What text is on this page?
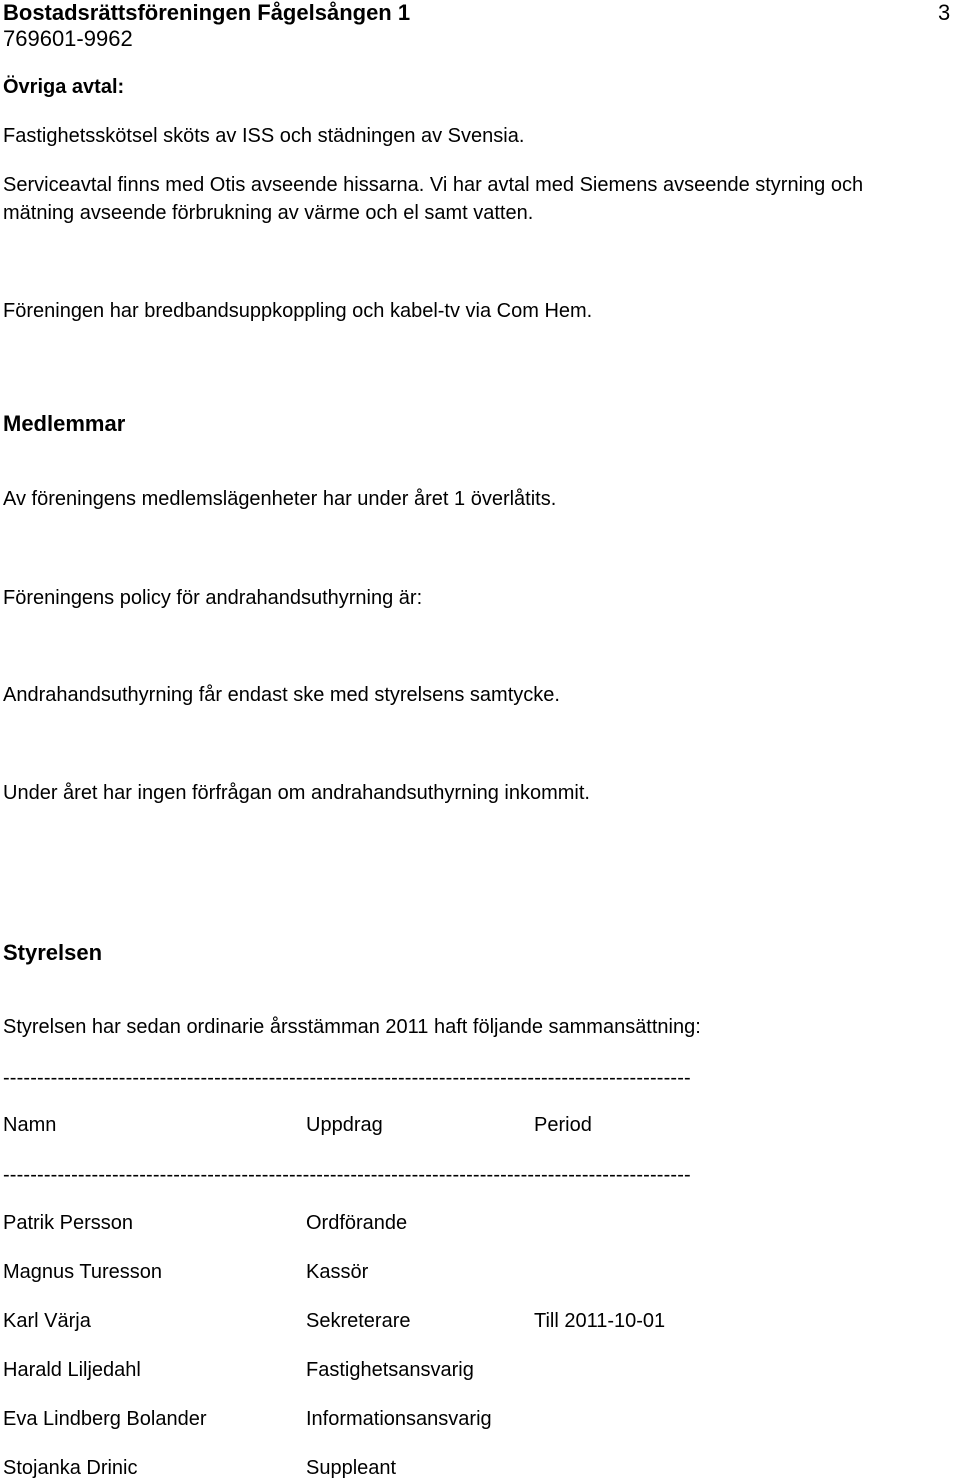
Bostadsrättsföreningen Fågelsången 1
769601-9962
3
Övriga avtal:
Fastighetsskötsel sköts av ISS och städningen av Svensia.
Serviceavtal finns med Otis avseende hissarna. Vi har avtal med Siemens avseende styrning och
mätning avseende förbrukning av värme och el samt vatten.
Föreningen har bredbandsuppkoppling och kabel-tv via Com Hem.
Medlemmar
Av föreningens medlemslägenheter har under året 1 överlåtits.
Föreningens policy för andrahandsuthyrning är:
Andrahandsuthyrning får endast ske med styrelsens samtycke.
Under året har ingen förfrågan om andrahandsuthyrning inkommit.
Styrelsen
Styrelsen har sedan ordinarie årsstämman 2011 haft följande sammansättning:
-----------------------------------------------------------------------------------------------------
Namn	Uppdrag	Period
-----------------------------------------------------------------------------------------------------
Patrik Persson	Ordförande
Magnus Turesson	Kassör
Karl Värja	Sekreterare	Till 2011-10-01
Harald Liljedahl	Fastighetsansvarig
Eva Lindberg Bolander	Informationsansvarig
Stojanka Drinic	Suppleant
